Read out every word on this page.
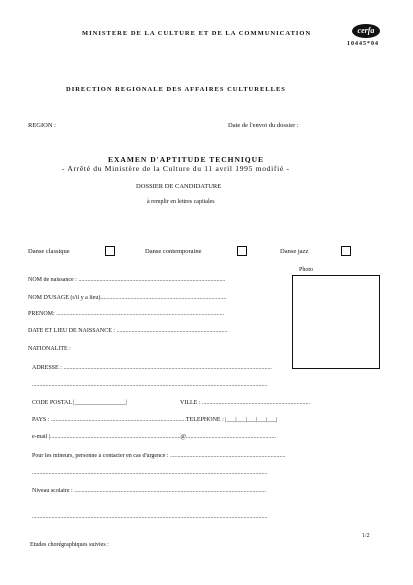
MINISTERE DE LA CULTURE ET DE LA COMMUNICATION	cerfa
10445*04
DIRECTION REGIONALE DES AFFAIRES CULTURELLES
REGION :	Date de l'envoi du dossier :
EXAMEN D'APTITUDE TECHNIQUE
- Arrêté du Ministère de la Culture du 11 avril 1995 modifié -
DOSSIER DE CANDIDATURE
à remplir en lettres capitales
Danse classique	Danse contemporaine	Danse jazz
Photo
NOM de naissance : ..................................................................................................
NOM D'USAGE (s'il y a lieu)....................................................................................
PRENOM: ................................................................................................................
DATE ET LIEU DE NAISSANCE : ..........................................................................
NATIONALITE :
ADRESSE : ...........................................................................................................................................
.............................................................................................................................................................
CODE POSTAL |_________________|	VILLE : ........................................................................
PAYS : ..........................................................................................TELEPHONE : |___|___|___|___|___|
e-mail |.......................................................................................@............................................................
Pour les mineurs, personne à contacter en cas d'urgence : .............................................................................
.............................................................................................................................................................
Niveau scolaire : ................................................................................................................................
.............................................................................................................................................................
1/2
Etudes chorégraphiques suivies :
